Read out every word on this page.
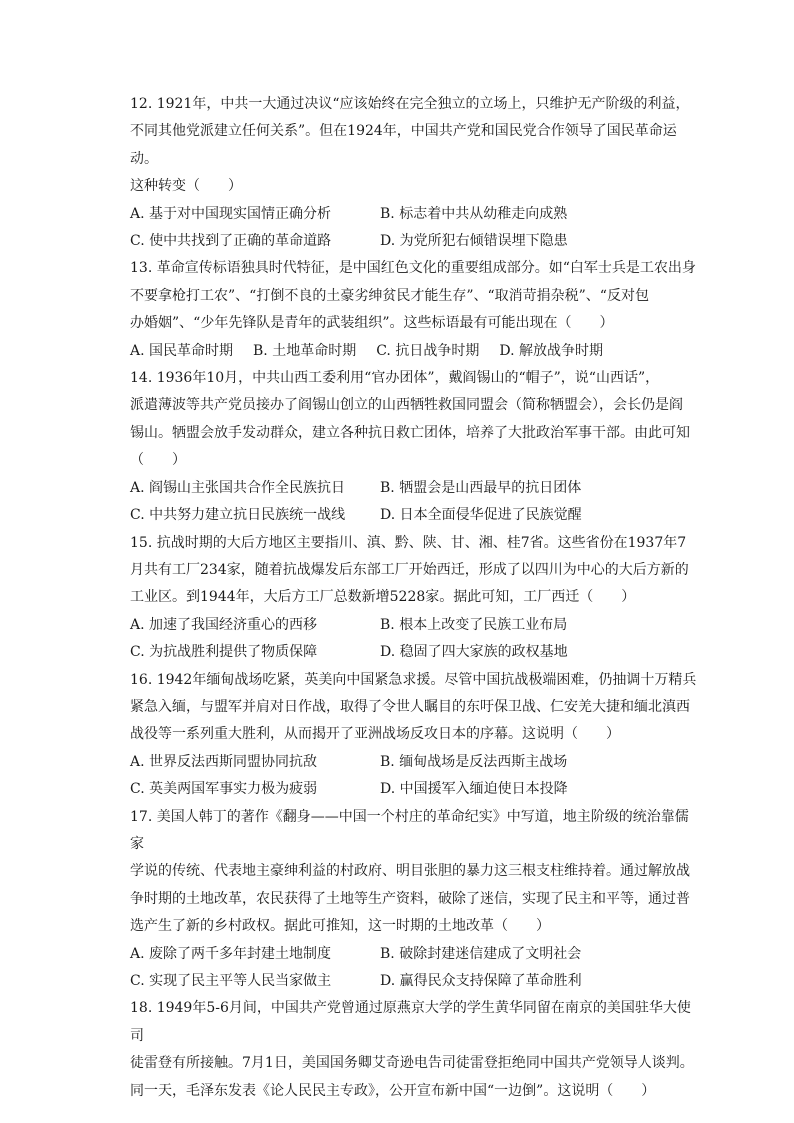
12. 1921年，中共一大通过决议“应该始终在完全独立的立场上，只维护无产阶级的利益，
不同其他党派建立任何关系”。但在1924年，中国共产党和国民党合作领导了国民革命运动。
这种转变（　　）

A. 基于对中国现实国情正确分析	B. 标志着中共从幼稚走向成熟
C. 使中共找到了正确的革命道路	D. 为党所犯右倾错误埋下隐患

13. 革命宣传标语独具时代特征，是中国红色文化的重要组成部分。如“白军士兵是工农出身
不要拿枪打工农”、“打倒不良的土豪劣绅贫民才能生存”、“取消苛捐杂税”、“反对包
办婚姻”、“少年先锋队是青年的武装组织”。这些标语最有可能出现在（　　）

A. 国民革命时期 B. 土地革命时期 C. 抗日战争时期 D. 解放战争时期

14. 1936年10月，中共山西工委利用“官办团体”，戴阎锡山的“帽子”，说“山西话”，
派遣薄波等共产党员接办了阎锡山创立的山西牺牲救国同盟会（简称牺盟会），会长仍是阎
锡山。牺盟会放手发动群众，建立各种抗日救亡团体，培养了大批政治军事干部。由此可知
（　　）

A. 阎锡山主张国共合作全民族抗日	B. 牺盟会是山西最早的抗日团体
C. 中共努力建立抗日民族统一战线	D. 日本全面侵华促进了民族觉醒

15. 抗战时期的大后方地区主要指川、滇、黔、陕、甘、湘、桂7省。这些省份在1937年7
月共有工厂234家，随着抗战爆发后东部工厂开始西迁，形成了以四川为中心的大后方新的
工业区。到1944年，大后方工厂总数新增5228家。据此可知，工厂西迁（　　）

A. 加速了我国经济重心的西移	B. 根本上改变了民族工业布局
C. 为抗战胜利提供了物质保障	D. 稳固了四大家族的政权基地

16. 1942年缅甸战场吃紧，英美向中国紧急求援。尽管中国抗战极端困难，仍抽调十万精兵
紧急入缅，与盟军并肩对日作战，取得了令世人瞩目的东吁保卫战、仁安羌大捷和缅北滇西
战役等一系列重大胜利，从而揭开了亚洲战场反攻日本的序幕。这说明（　　）

A. 世界反法西斯同盟协同抗敌	B. 缅甸战场是反法西斯主战场
C. 英美两国军事实力极为疲弱	D. 中国援军入缅迫使日本投降

17. 美国人韩丁的著作《翻身——中国一个村庄的革命纪实》中写道，地主阶级的统治靠儒家
学说的传统、代表地主豪绅利益的村政府、明目张胆的暴力这三根支柱维持着。通过解放战
争时期的土地改革，农民获得了土地等生产资料，破除了迷信，实现了民主和平等，通过普
选产生了新的乡村政权。据此可推知，这一时期的土地改革（　　）

A. 废除了两千多年封建土地制度	B. 破除封建迷信建成了文明社会
C. 实现了民主平等人民当家做主	D. 赢得民众支持保障了革命胜利

18. 1949年5-6月间，中国共产党曾通过原燕京大学的学生黄华同留在南京的美国驻华大使司
徒雷登有所接触。7月1日，美国国务卿艾奇逊电告司徒雷登拒绝同中国共产党领导人谈判。
同一天，毛泽东发表《论人民民主专政》，公开宣布新中国“一边倒”。这说明（　　）
